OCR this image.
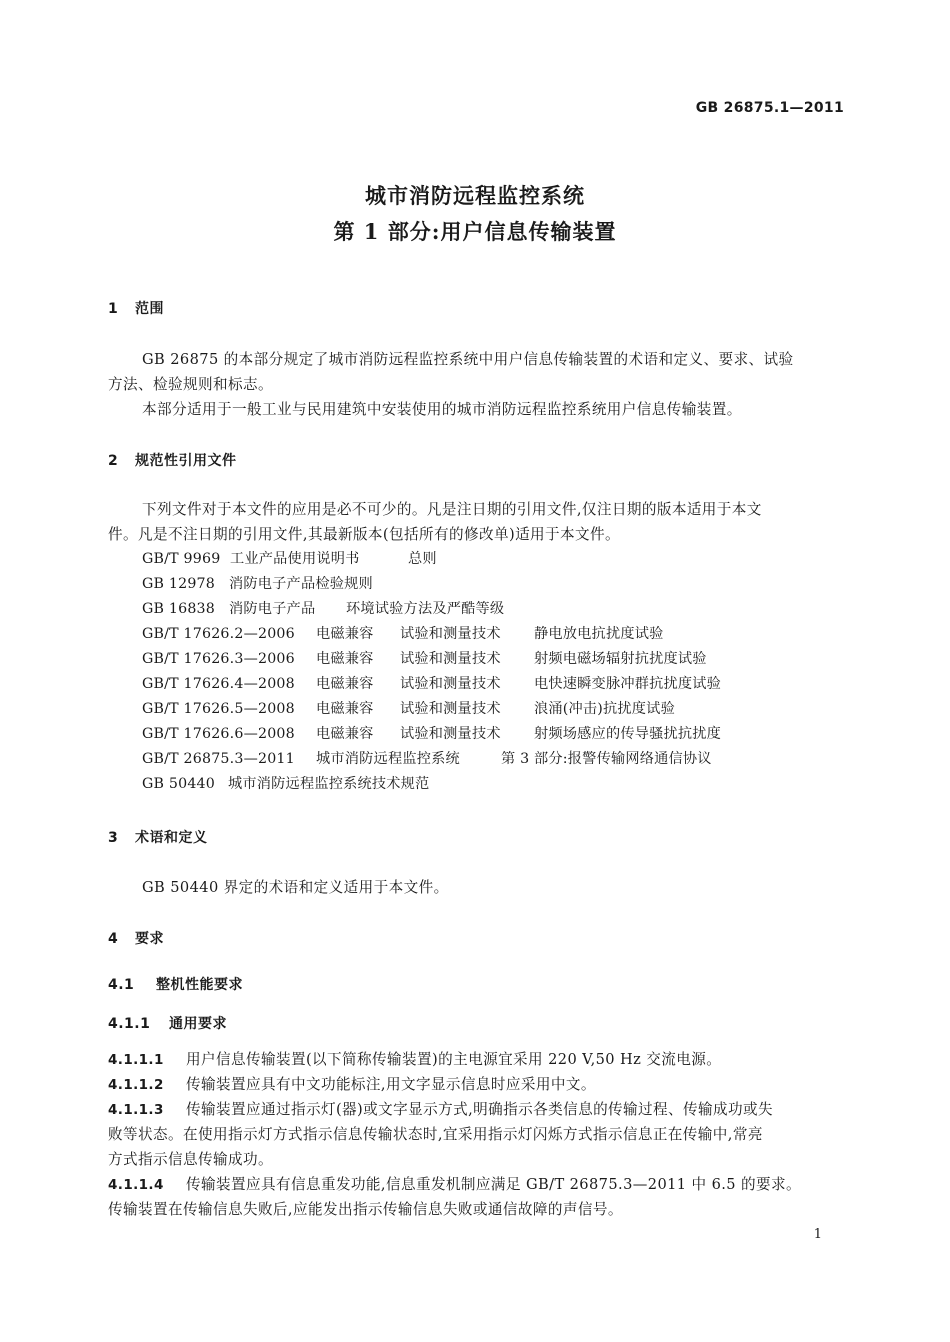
GB 26875.1—2011
城市消防远程监控系统
第 1 部分:用户信息传输装置
1 范围
GB 26875 的本部分规定了城市消防远程监控系统中用户信息传输装置的术语和定义、要求、试验
方法、检验规则和标志。
本部分适用于一般工业与民用建筑中安装使用的城市消防远程监控系统用户信息传输装置。
2 规范性引用文件
下列文件对于本文件的应用是必不可少的。凡是注日期的引用文件,仅注日期的版本适用于本文
件。凡是不注日期的引用文件,其最新版本(包括所有的修改单)适用于本文件。
GB/T 9969 工业产品使用说明书	总则
GB 12978 消防电子产品检验规则
GB 16838 消防电子产品 环境试验方法及严酷等级
GB/T 17626.2—2006 电磁兼容 试验和测量技术 静电放电抗扰度试验
GB/T 17626.3—2006 电磁兼容 试验和测量技术 射频电磁场辐射抗扰度试验
GB/T 17626.4—2008 电磁兼容 试验和测量技术 电快速瞬变脉冲群抗扰度试验
GB/T 17626.5—2008 电磁兼容 试验和测量技术 浪涌(冲击)抗扰度试验
GB/T 17626.6—2008 电磁兼容 试验和测量技术 射频场感应的传导骚扰抗扰度
GB/T 26875.3—2011 城市消防远程监控系统	第 3 部分:报警传输网络通信协议
GB 50440 城市消防远程监控系统技术规范
3 术语和定义
GB 50440 界定的术语和定义适用于本文件。
4 要求
4.1 整机性能要求
4.1.1 通用要求
4.1.1.1 用户信息传输装置(以下简称传输装置)的主电源宜采用 220 V,50 Hz 交流电源。
4.1.1.2 传输装置应具有中文功能标注,用文字显示信息时应采用中文。
4.1.1.3 传输装置应通过指示灯(器)或文字显示方式,明确指示各类信息的传输过程、传输成功或失
败等状态。在使用指示灯方式指示信息传输状态时,宜采用指示灯闪烁方式指示信息正在传输中,常亮
方式指示信息传输成功。
4.1.1.4 传输装置应具有信息重发功能,信息重发机制应满足 GB/T 26875.3—2011 中 6.5 的要求。
传输装置在传输信息失败后,应能发出指示传输信息失败或通信故障的声信号。
1
